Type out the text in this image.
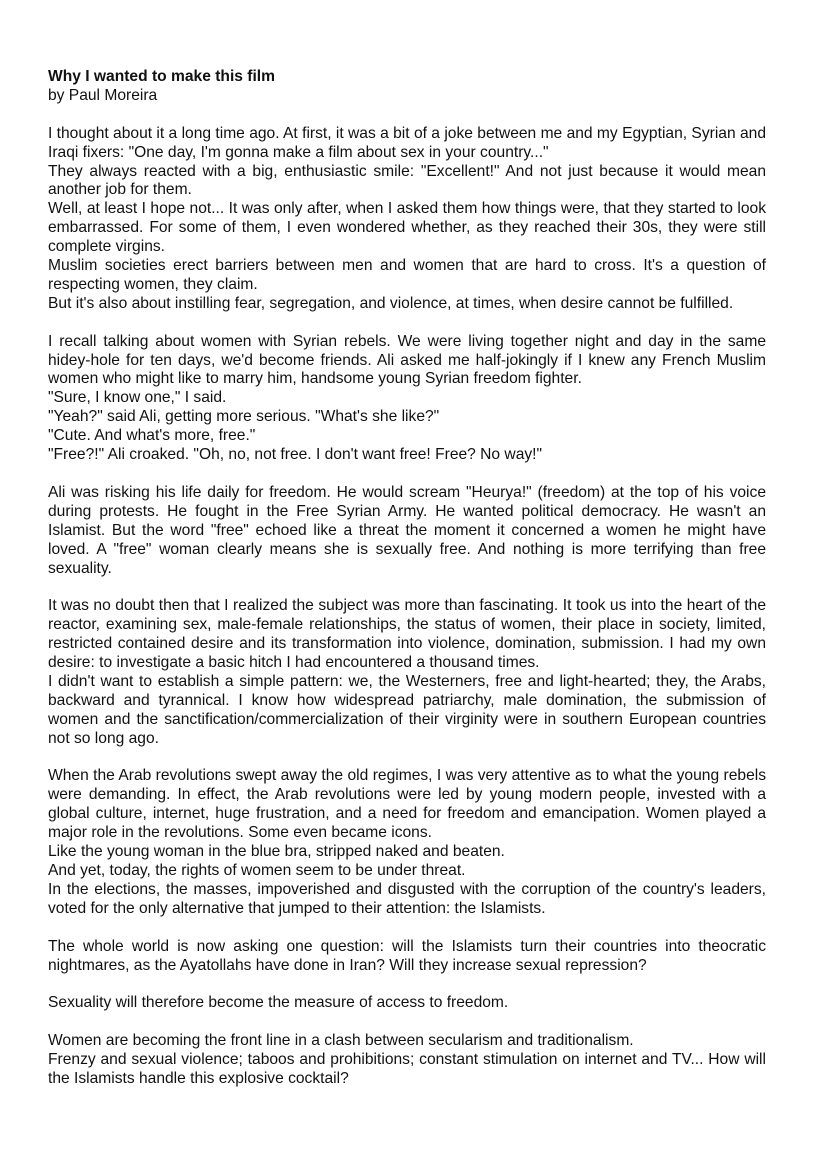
Why I wanted to make this film

by Paul Moreira

I thought about it a long time ago. At first, it was a bit of a joke between me and my Egyptian, Syrian and Iraqi fixers: "One day, I'm gonna make a film about sex in your country..."

They always reacted with a big, enthusiastic smile: "Excellent!" And not just because it would mean another job for them.

Well, at least I hope not... It was only after, when I asked them how things were, that they started to look embarrassed. For some of them, I even wondered whether, as they reached their 30s, they were still complete virgins.

Muslim societies erect barriers between men and women that are hard to cross. It's a question of respecting women, they claim.

But it's also about instilling fear, segregation, and violence, at times, when desire cannot be fulfilled.

I recall talking about women with Syrian rebels. We were living together night and day in the same hidey-hole for ten days, we'd become friends. Ali asked me half-jokingly if I knew any French Muslim women who might like to marry him, handsome young Syrian freedom fighter.

"Sure, I know one," I said.

"Yeah?" said Ali, getting more serious. "What's she like?"

"Cute. And what's more, free."

"Free?!" Ali croaked. "Oh, no, not free. I don't want free! Free? No way!"

Ali was risking his life daily for freedom. He would scream "Heurya!" (freedom) at the top of his voice during protests. He fought in the Free Syrian Army. He wanted political democracy. He wasn't an Islamist. But the word "free" echoed like a threat the moment it concerned a women he might have loved. A "free" woman clearly means she is sexually free. And nothing is more terrifying than free sexuality.

It was no doubt then that I realized the subject was more than fascinating. It took us into the heart of the reactor, examining sex, male-female relationships, the status of women, their place in society, limited, restricted contained desire and its transformation into violence, domination, submission. I had my own desire: to investigate a basic hitch I had encountered a thousand times.

I didn't want to establish a simple pattern: we, the Westerners, free and light-hearted; they, the Arabs, backward and tyrannical. I know how widespread patriarchy, male domination, the submission of women and the sanctification/commercialization of their virginity were in southern European countries not so long ago.

When the Arab revolutions swept away the old regimes, I was very attentive as to what the young rebels were demanding. In effect, the Arab revolutions were led by young modern people, invested with a global culture, internet, huge frustration, and a need for freedom and emancipation. Women played a major role in the revolutions. Some even became icons.

Like the young woman in the blue bra, stripped naked and beaten.

And yet, today, the rights of women seem to be under threat.

In the elections, the masses, impoverished and disgusted with the corruption of the country's leaders, voted for the only alternative that jumped to their attention: the Islamists.

The whole world is now asking one question: will the Islamists turn their countries into theocratic nightmares, as the Ayatollahs have done in Iran? Will they increase sexual repression?

Sexuality will therefore become the measure of access to freedom.

Women are becoming the front line in a clash between secularism and traditionalism.

Frenzy and sexual violence; taboos and prohibitions; constant stimulation on internet and TV... How will the Islamists handle this explosive cocktail?
